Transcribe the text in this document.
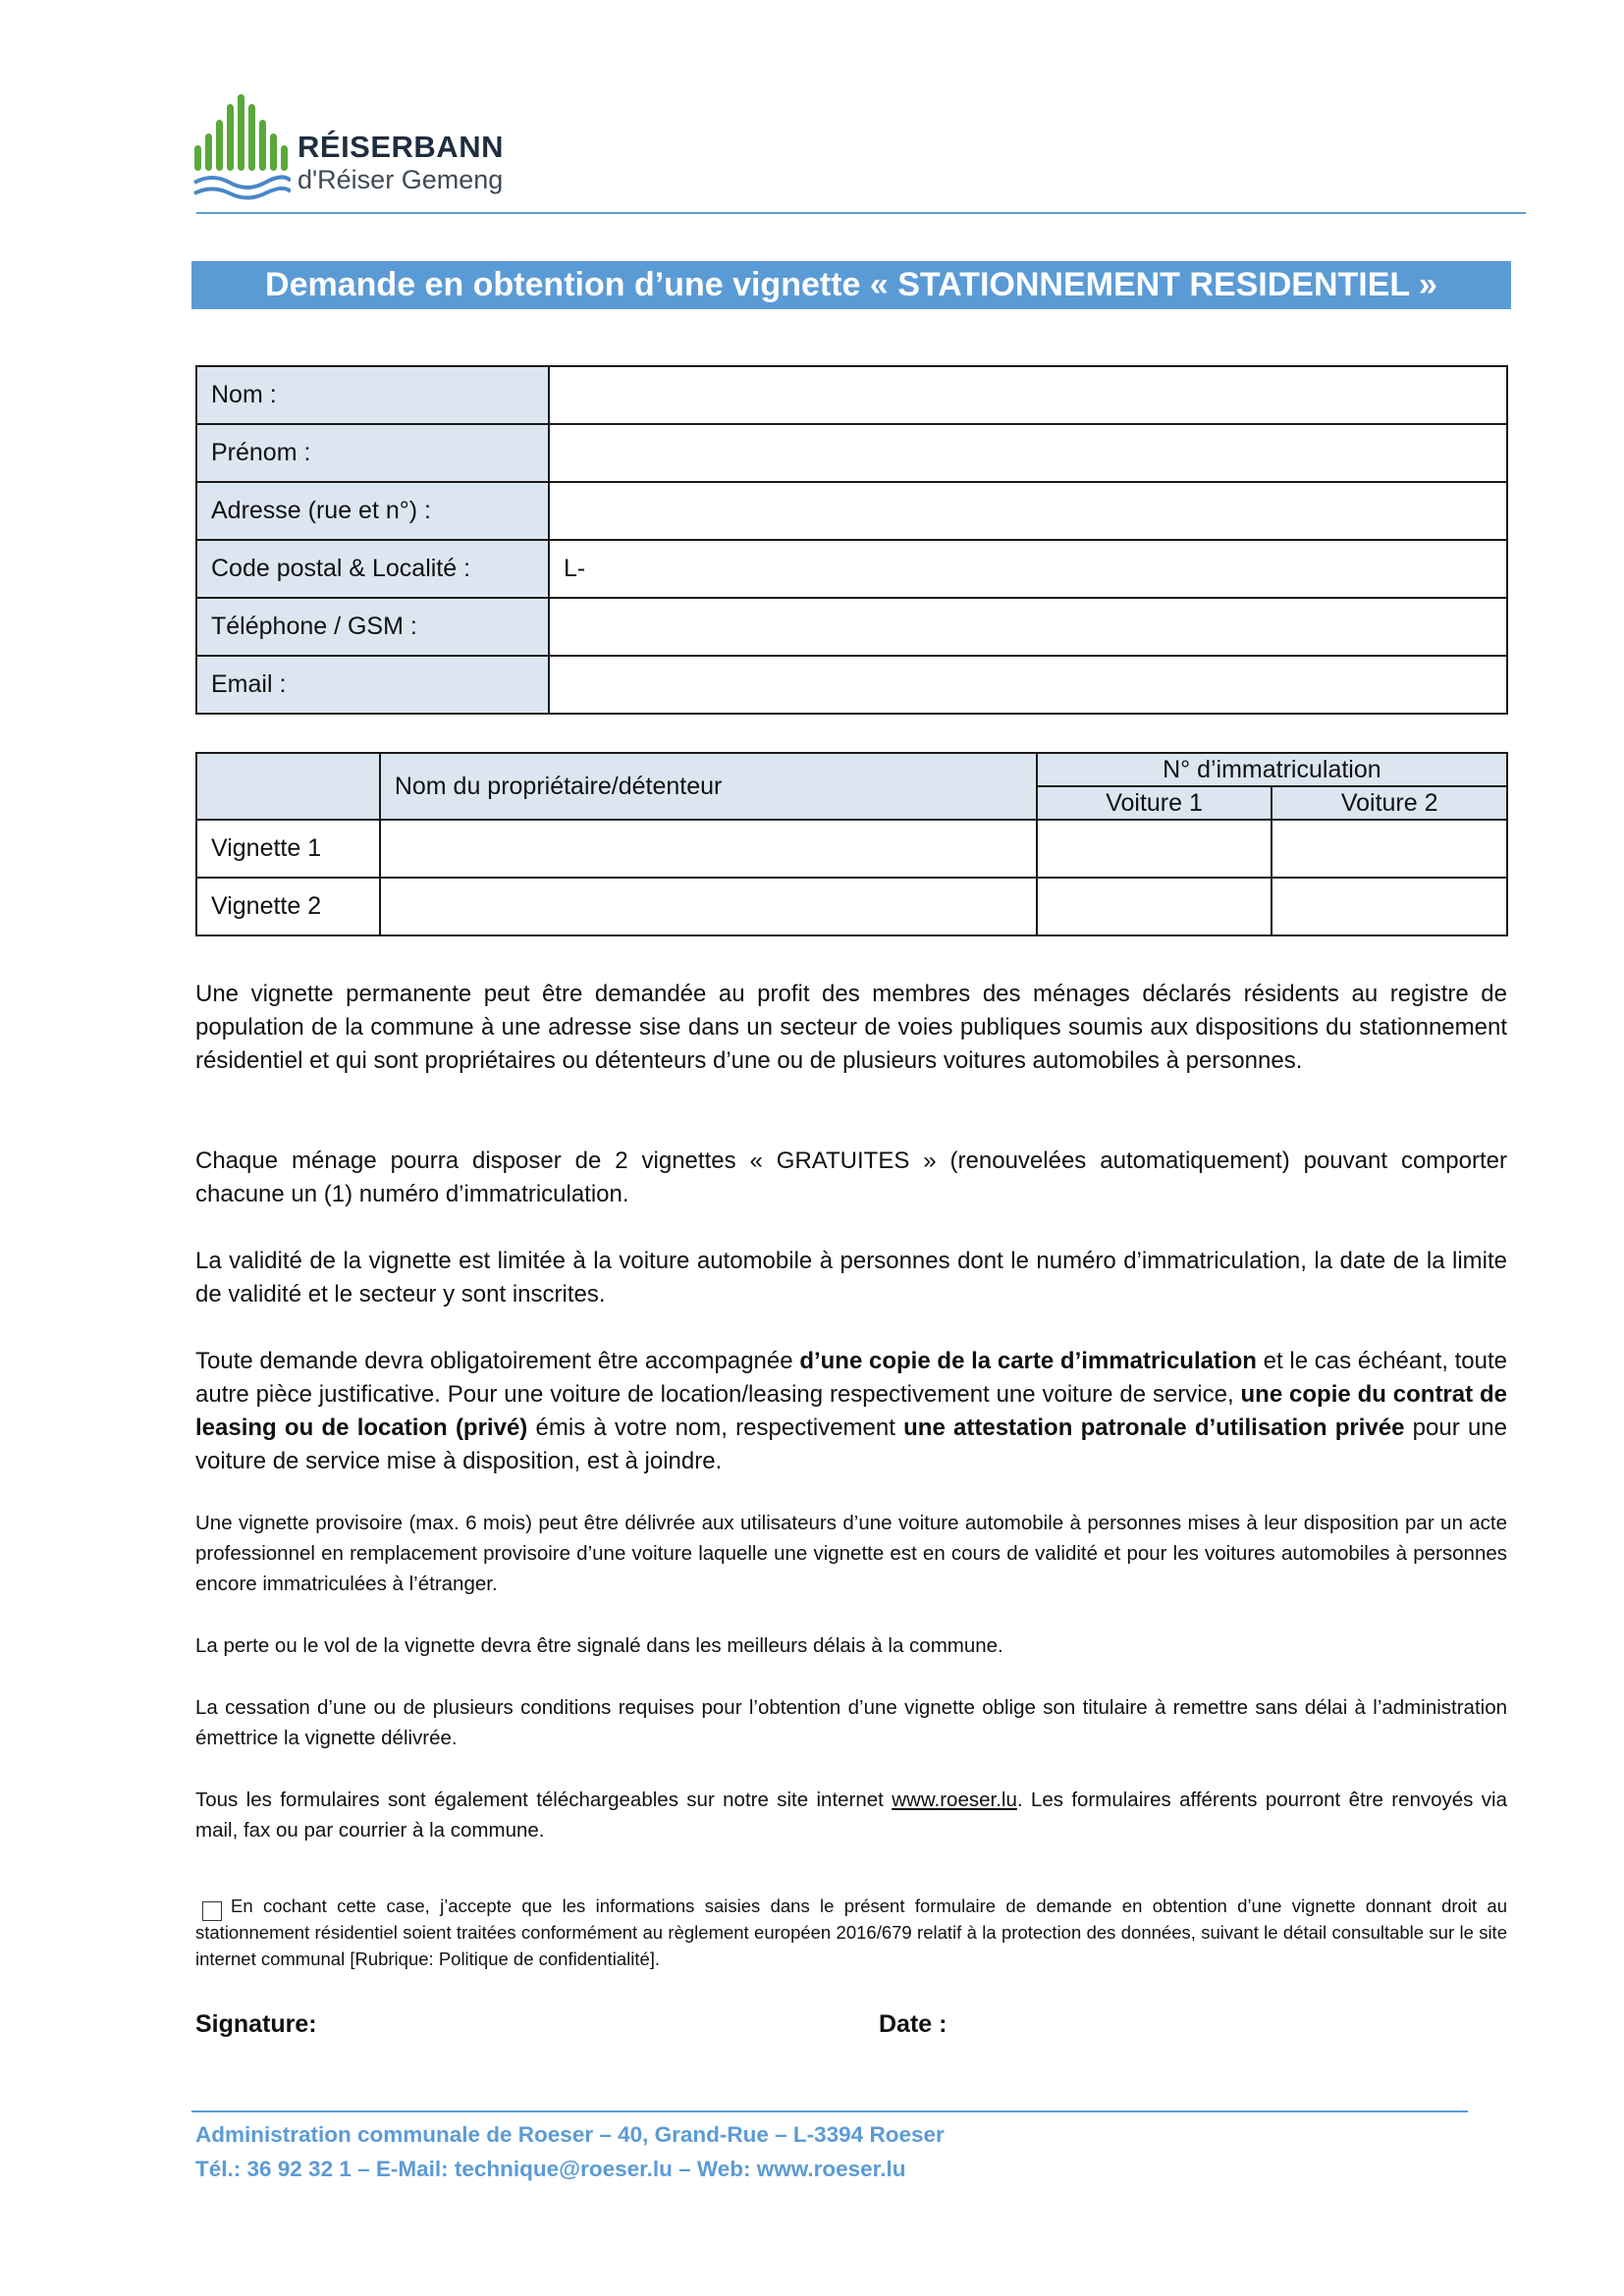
RÉISERBANN
d'Réiser Gemeng
Demande en obtention d’une vignette « STATIONNEMENT RESIDENTIEL »
Nom :	
Prénom :	
Adresse (rue et n°) :	
Code postal & Localité :	L-
Téléphone / GSM :	
Email :	
	Nom du propriétaire/détenteur	N° d’immatriculation	
		Voiture 1	Voiture 2
Vignette 1			
Vignette 2			
Une vignette permanente peut être demandée au profit des membres des ménages déclarés résidents au registre de population de la commune à une adresse sise dans un secteur de voies publiques soumis aux dispositions du stationnement résidentiel et qui sont propriétaires ou détenteurs d’une ou de plusieurs voitures automobiles à personnes.
Chaque ménage pourra disposer de 2 vignettes « GRATUITES » (renouvelées automatiquement) pouvant comporter chacune un (1) numéro d’immatriculation.
La validité de la vignette est limitée à la voiture automobile à personnes dont le numéro d’immatriculation, la date de la limite de validité et le secteur y sont inscrites.
Toute demande devra obligatoirement être accompagnée d’une copie de la carte d’immatriculation et le cas échéant, toute autre pièce justificative. Pour une voiture de location/leasing respectivement une voiture de service, une copie du contrat de leasing ou de location (privé) émis à votre nom, respectivement une attestation patronale d’utilisation privée pour une voiture de service mise à disposition, est à joindre.
Une vignette provisoire (max. 6 mois) peut être délivrée aux utilisateurs d’une voiture automobile à personnes mises à leur disposition par un acte professionnel en remplacement provisoire d’une voiture laquelle une vignette est en cours de validité et pour les voitures automobiles à personnes encore immatriculées à l’étranger.
La perte ou le vol de la vignette devra être signalé dans les meilleurs délais à la commune.
La cessation d’une ou de plusieurs conditions requises pour l’obtention d’une vignette oblige son titulaire à remettre sans délai à l’administration émettrice la vignette délivrée.
Tous les formulaires sont également téléchargeables sur notre site internet www.roeser.lu. Les formulaires afférents pourront être renvoyés via mail, fax ou par courrier à la commune.
En cochant cette case, j’accepte que les informations saisies dans le présent formulaire de demande en obtention d’une vignette donnant droit au stationnement résidentiel soient traitées conformément au règlement européen 2016/679 relatif à la protection des données, suivant le détail consultable sur le site internet communal [Rubrique: Politique de confidentialité].
Signature:	Date :
Administration communale de Roeser – 40, Grand-Rue – L-3394 Roeser
Tél.: 36 92 32 1 – E-Mail: technique@roeser.lu – Web: www.roeser.lu
